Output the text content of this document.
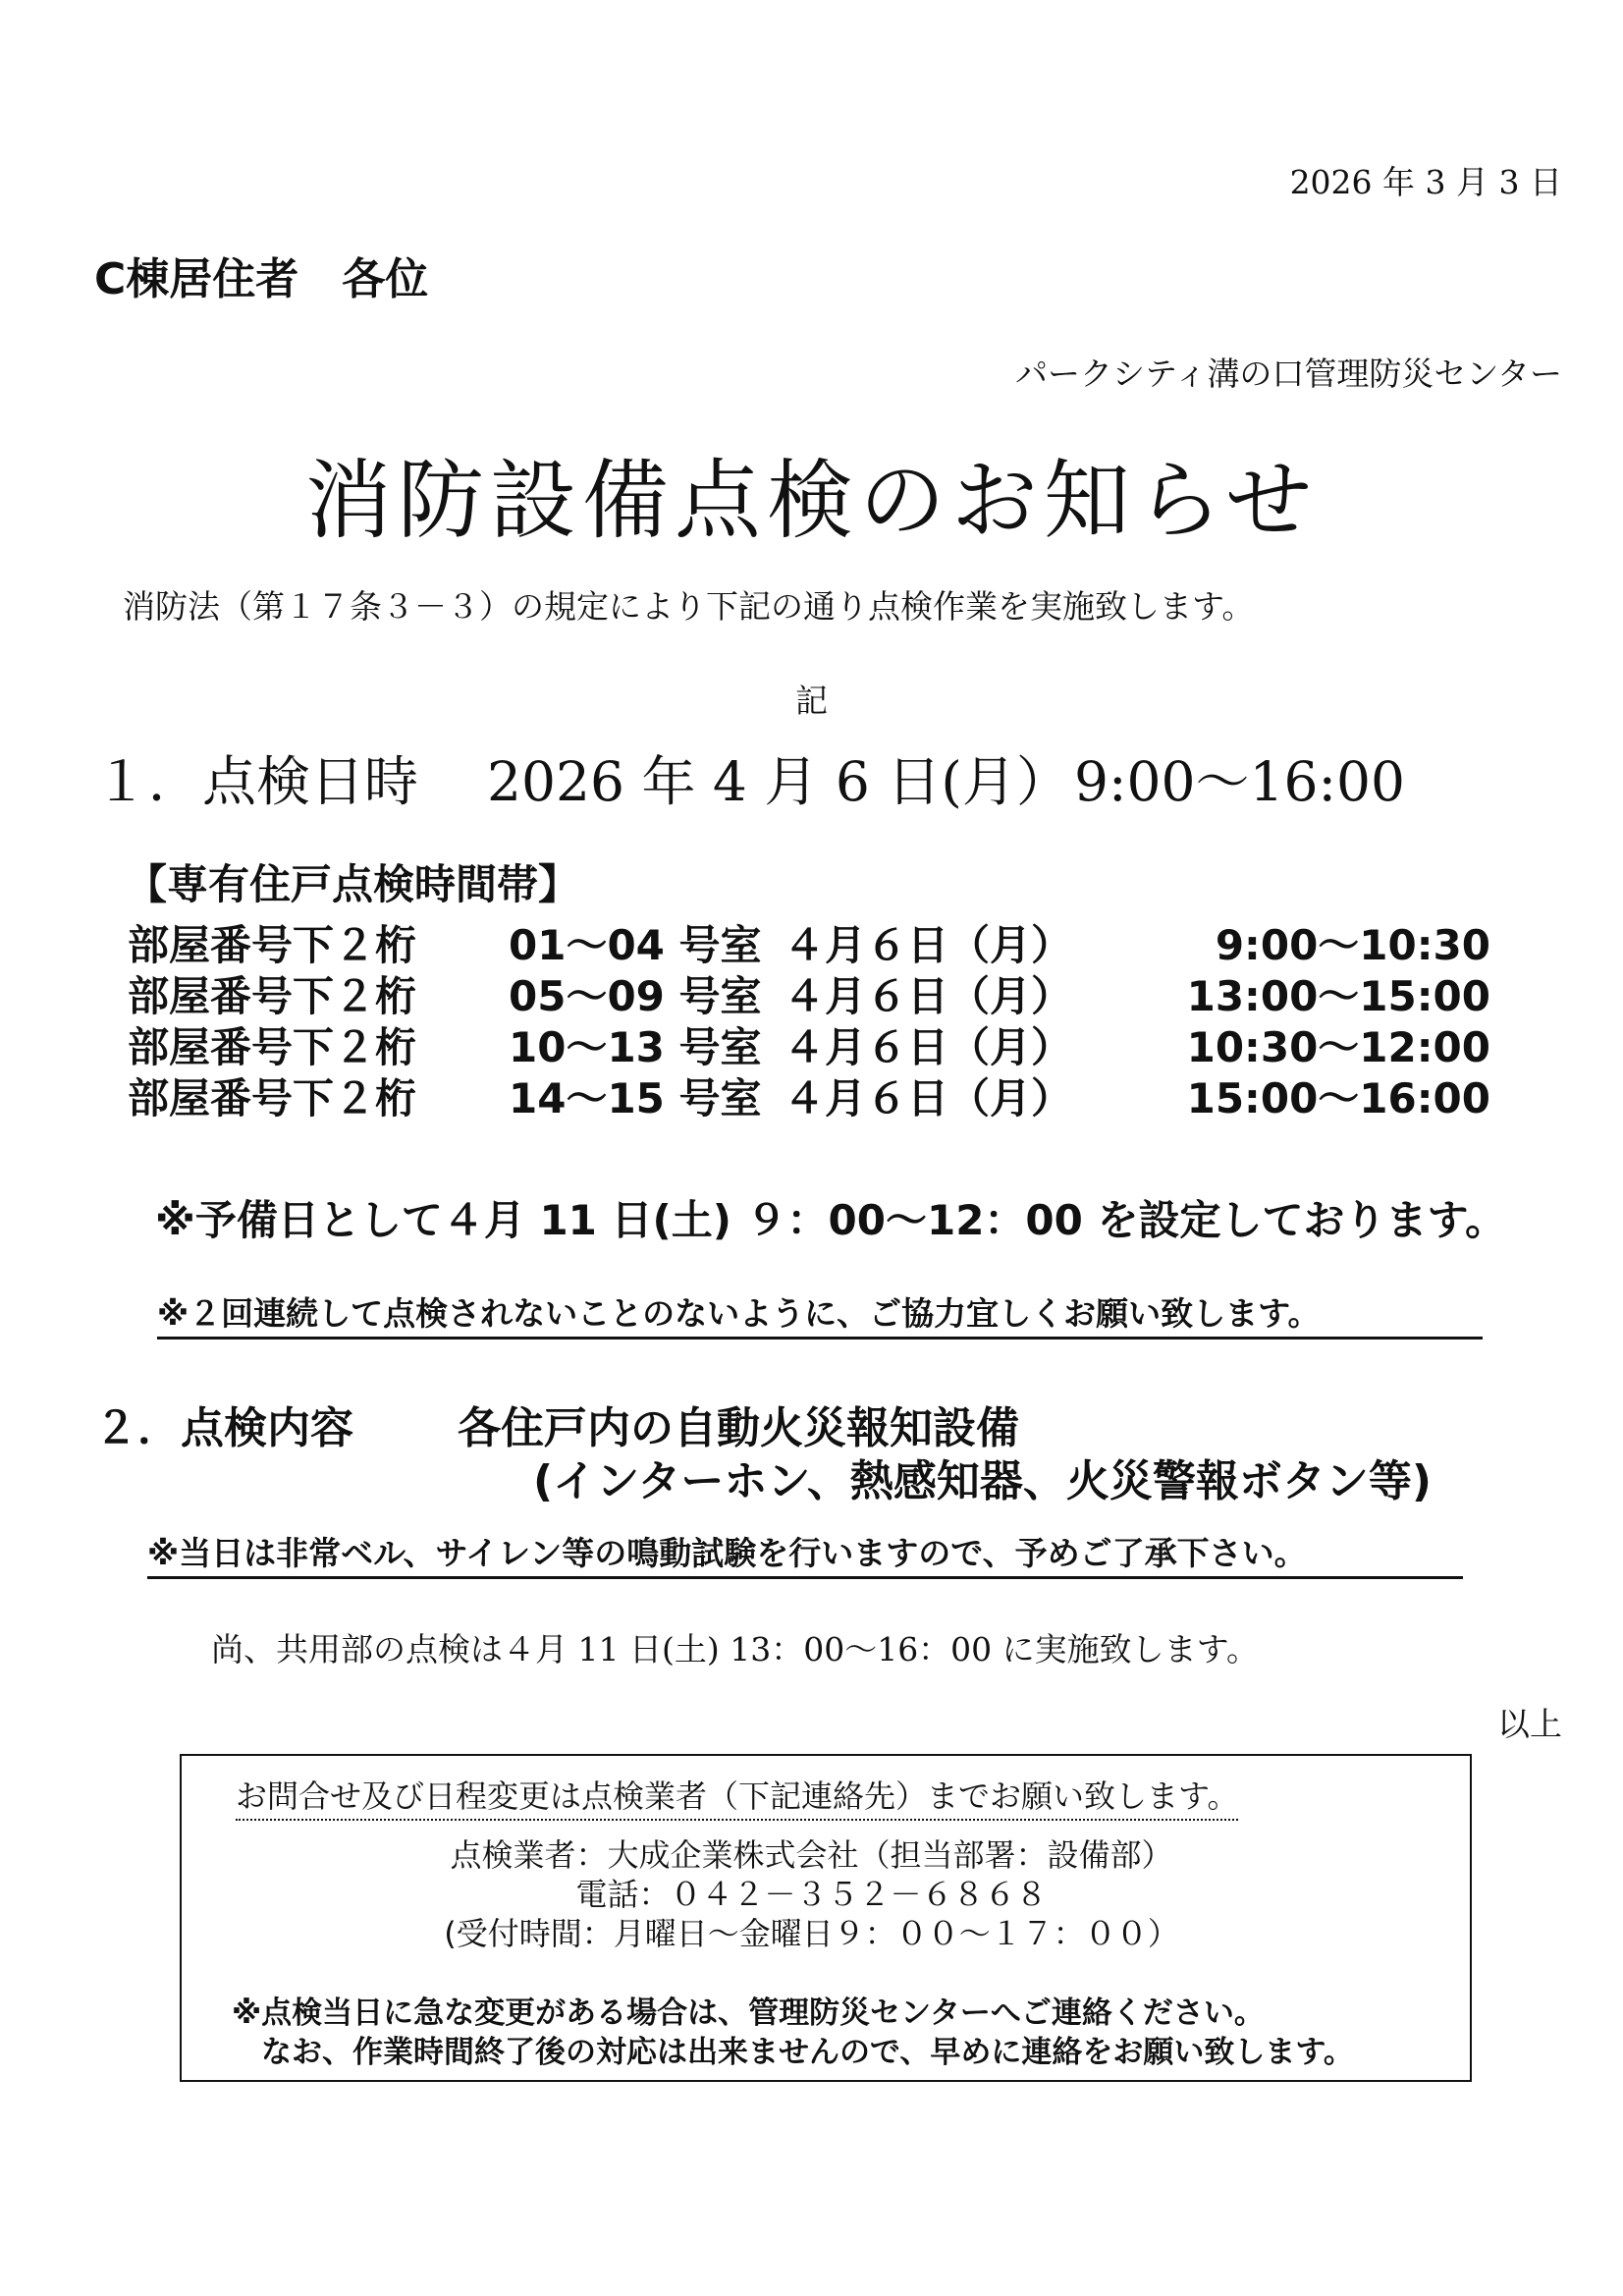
2026 年 3 月 3 日
C棟居住者　各位
パークシティ溝の口管理防災センター
消防設備点検のお知らせ
消防法（第１７条３－３）の規定により下記の通り点検作業を実施致します。
記
１．点検日時 2026 年 4 月 6 日(月） 9:00～16:00
【専有住戸点検時間帯】
部屋番号下２桁 01～04 号室 ４月６日（月）	9:00～10:30
部屋番号下２桁 05～09 号室 ４月６日（月）	13:00～15:00
部屋番号下２桁 10～13 号室 ４月６日（月）	10:30～12:00
部屋番号下２桁 14～15 号室 ４月６日（月）	15:00～16:00
※予備日として４月 11 日(土) ９：00～12：00 を設定しております。
※２回連続して点検されないことのないように、ご協力宜しくお願い致します。
２．点検内容 各住戸内の自動火災報知設備
(インターホン、熱感知器、火災警報ボタン等)
※当日は非常ベル、サイレン等の鳴動試験を行いますので、予めご了承下さい。
尚、共用部の点検は４月 11 日(土) 13：00～16：00 に実施致します。
以上
お問合せ及び日程変更は点検業者（下記連絡先）までお願い致します。
点検業者：大成企業株式会社（担当部署：設備部）
電話：０４２－３５２－６８６８
(受付時間：月曜日～金曜日９：００～１７：００）
※点検当日に急な変更がある場合は、管理防災センターへご連絡ください。
なお、作業時間終了後の対応は出来ませんので、早めに連絡をお願い致します。
